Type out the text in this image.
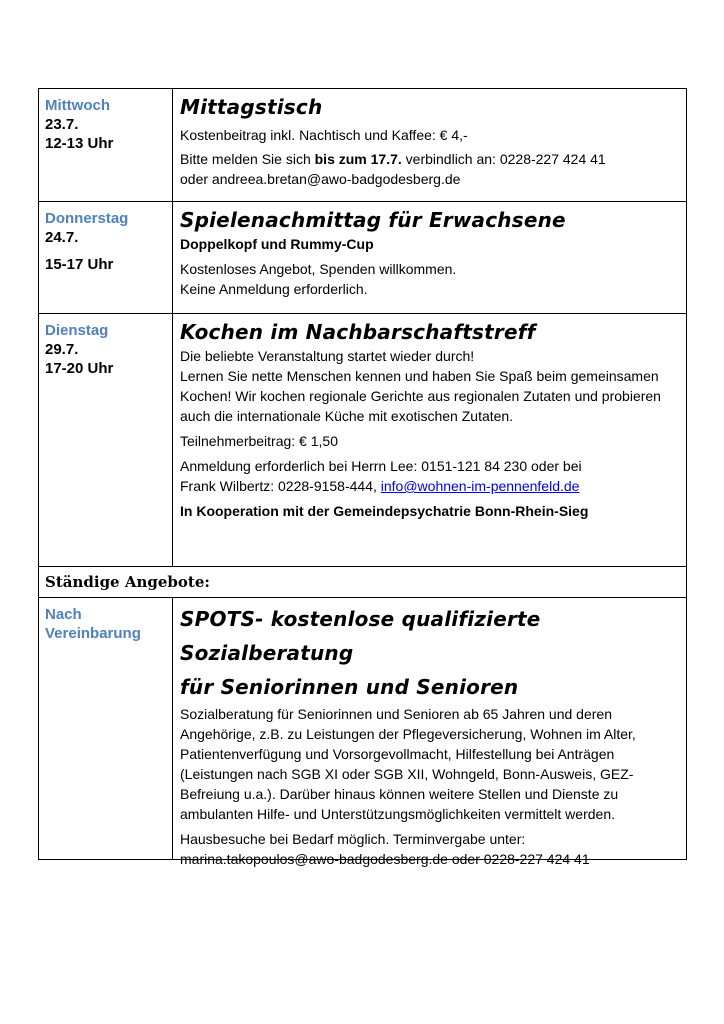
Mittwoch
23.7.
12-13 Uhr
Mittagstisch
Kostenbeitrag inkl. Nachtisch und Kaffee: € 4,-
Bitte melden Sie sich bis zum 17.7. verbindlich an: 0228-227 424 41
oder andreea.bretan@awo-badgodesberg.de
Donnerstag
24.7.
15-17 Uhr
Spielenachmittag für Erwachsene
Doppelkopf und Rummy-Cup
Kostenloses Angebot, Spenden willkommen.
Keine Anmeldung erforderlich.
Dienstag
29.7.
17-20 Uhr
Kochen im Nachbarschaftstreff
Die beliebte Veranstaltung startet wieder durch!
Lernen Sie nette Menschen kennen und haben Sie Spaß beim gemeinsamen Kochen! Wir kochen regionale Gerichte aus regionalen Zutaten und probieren auch die internationale Küche mit exotischen Zutaten.
Teilnehmerbeitrag: € 1,50
Anmeldung erforderlich bei Herrn Lee: 0151-121 84 230 oder bei
Frank Wilbertz: 0228-9158-444, info@wohnen-im-pennenfeld.de
In Kooperation mit der Gemeindepsychatrie Bonn-Rhein-Sieg
Ständige Angebote:
Nach Vereinbarung
SPOTS- kostenlose qualifizierte Sozialberatung
für Seniorinnen und Senioren
Sozialberatung für Seniorinnen und Senioren ab 65 Jahren und deren Angehörige, z.B. zu Leistungen der Pflegeversicherung, Wohnen im Alter, Patientenverfügung und Vorsorgevollmacht, Hilfestellung bei Anträgen (Leistungen nach SGB XI oder SGB XII, Wohngeld, Bonn-Ausweis, GEZ-Befreiung u.a.). Darüber hinaus können weitere Stellen und Dienste zu ambulanten Hilfe- und Unterstützungsmöglichkeiten vermittelt werden.
Hausbesuche bei Bedarf möglich. Terminvergabe unter:
marina.takopoulos@awo-badgodesberg.de oder 0228-227 424 41
